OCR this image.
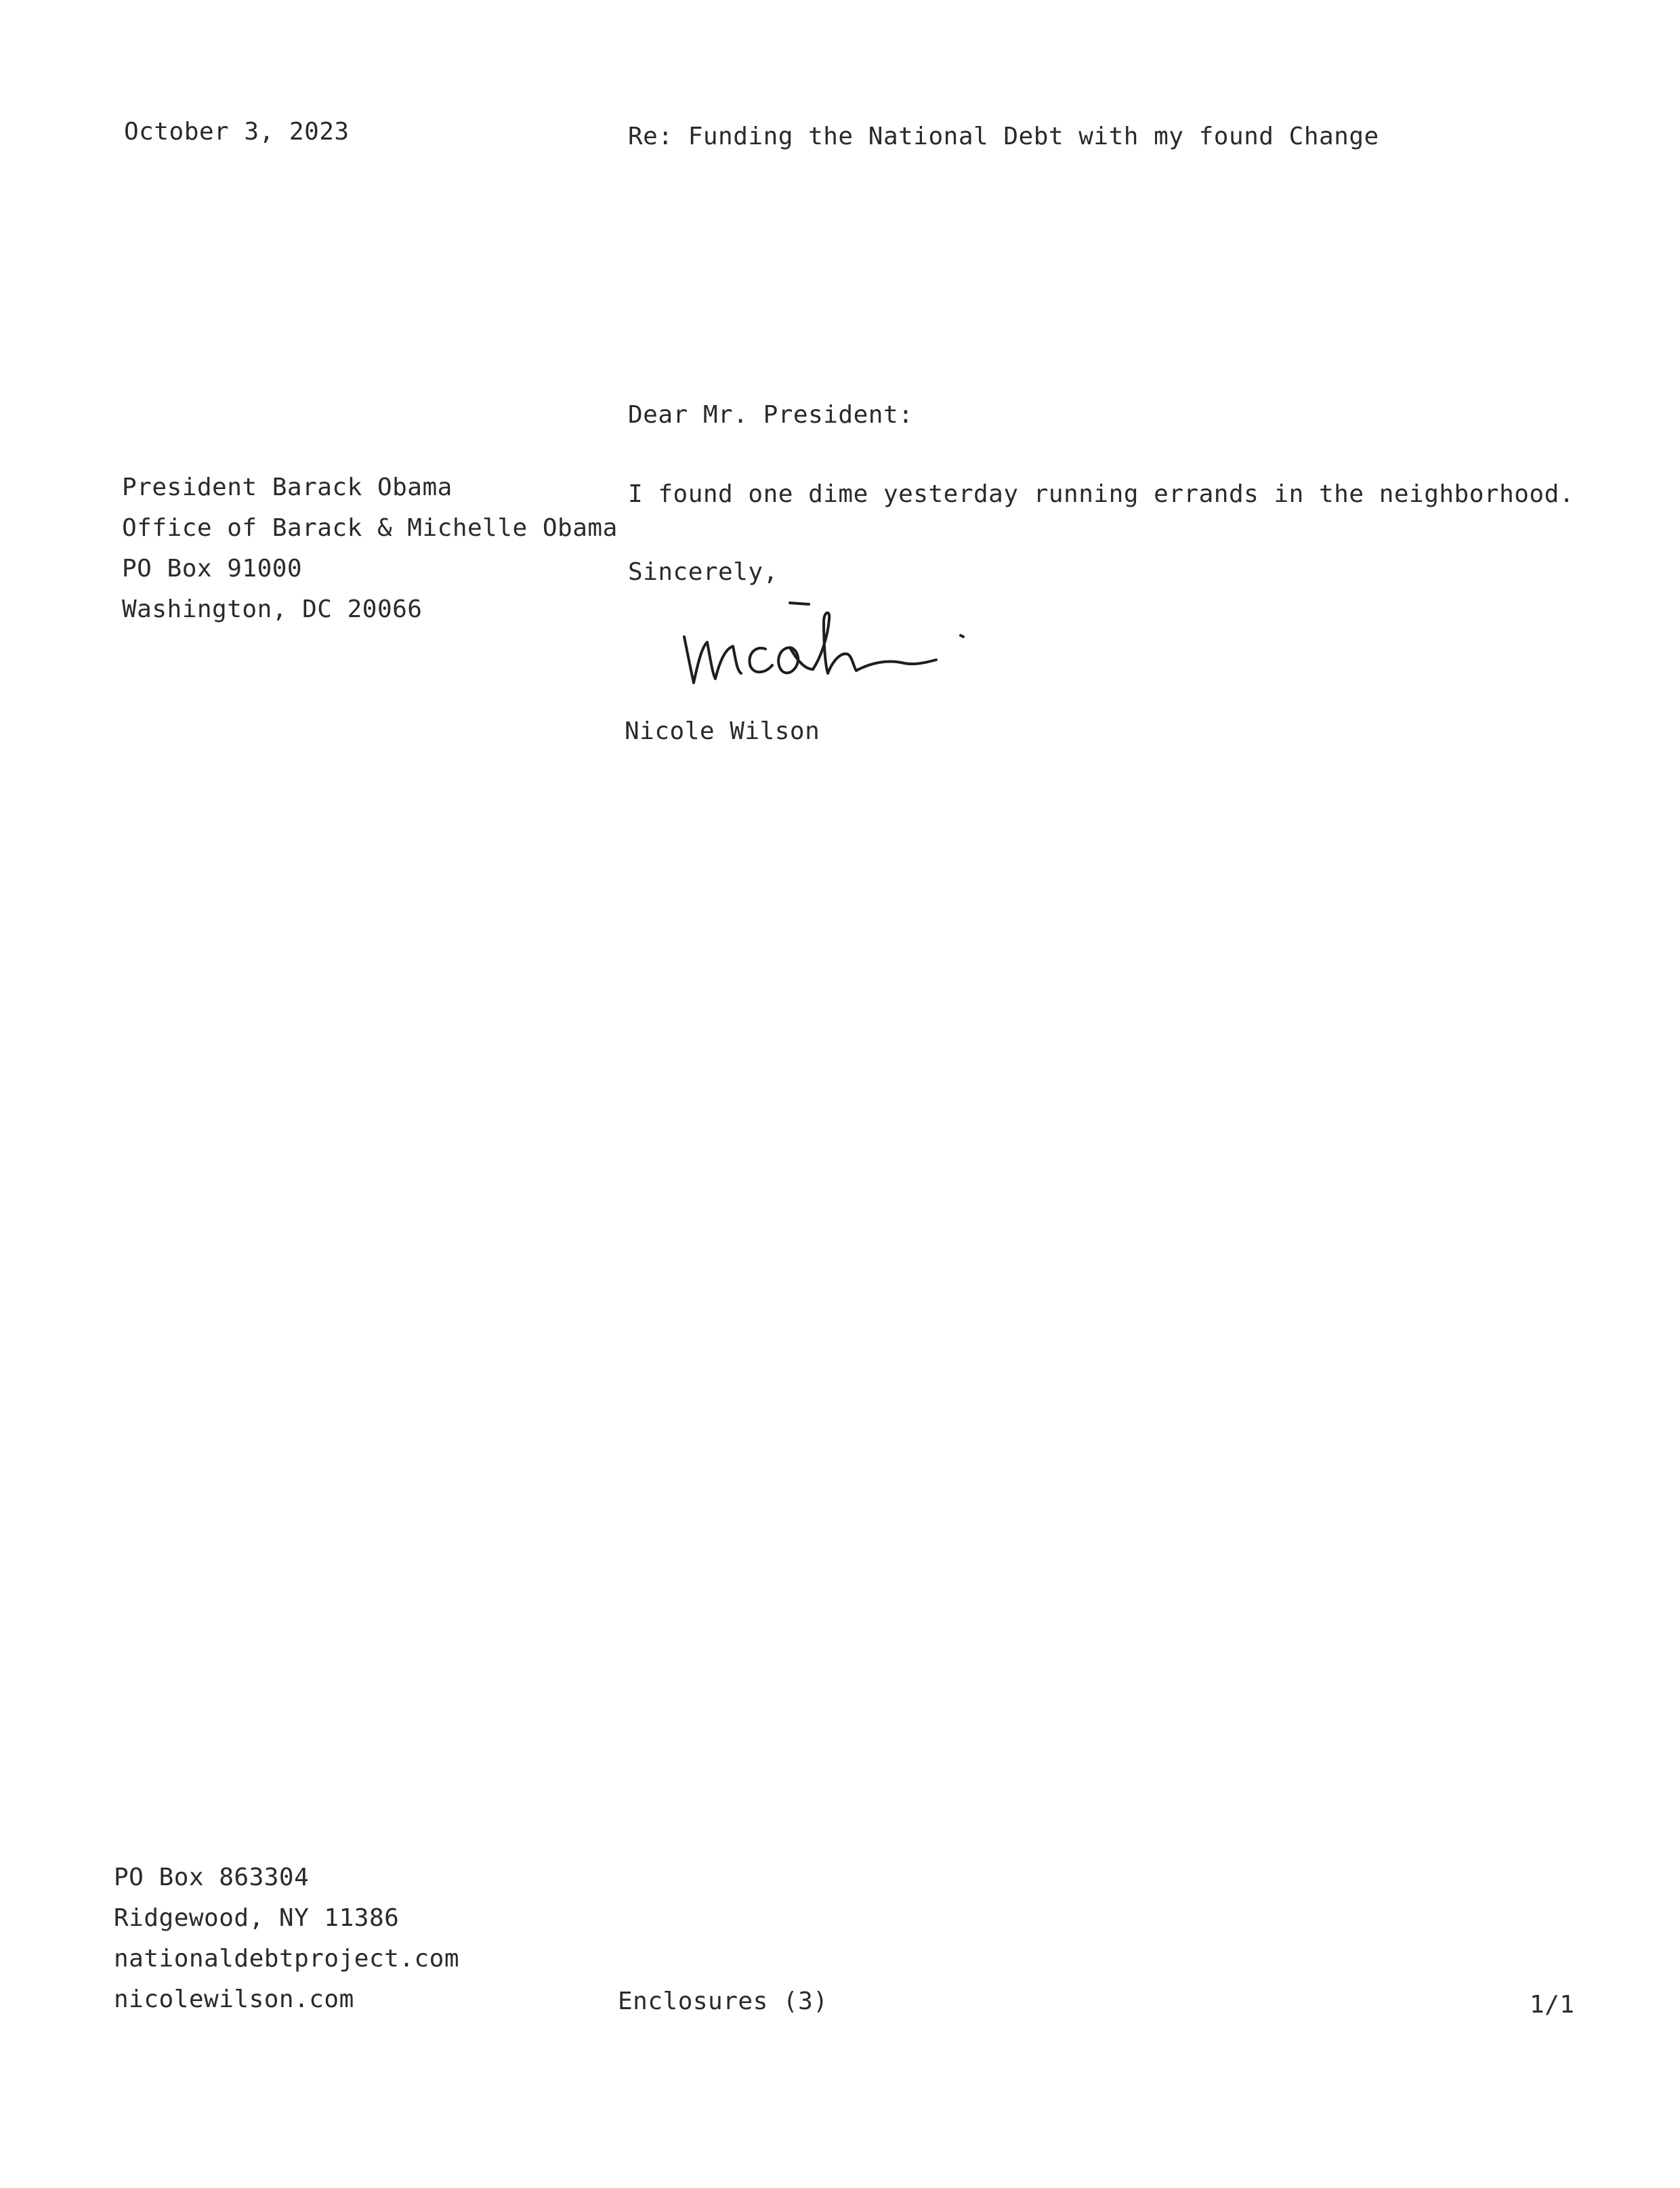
October 3, 2023	Re: Funding the National Debt with my found Change
Dear Mr. President:
President Barack Obama
Office of Barack & Michelle Obama
PO Box 91000
Washington, DC 20066
I found one dime yesterday running errands in the neighborhood.
Sincerely,
Nicole Wilson
PO Box 863304
Ridgewood, NY 11386
nationaldebtproject.com
nicolewilson.com	Enclosures (3)	1/1
